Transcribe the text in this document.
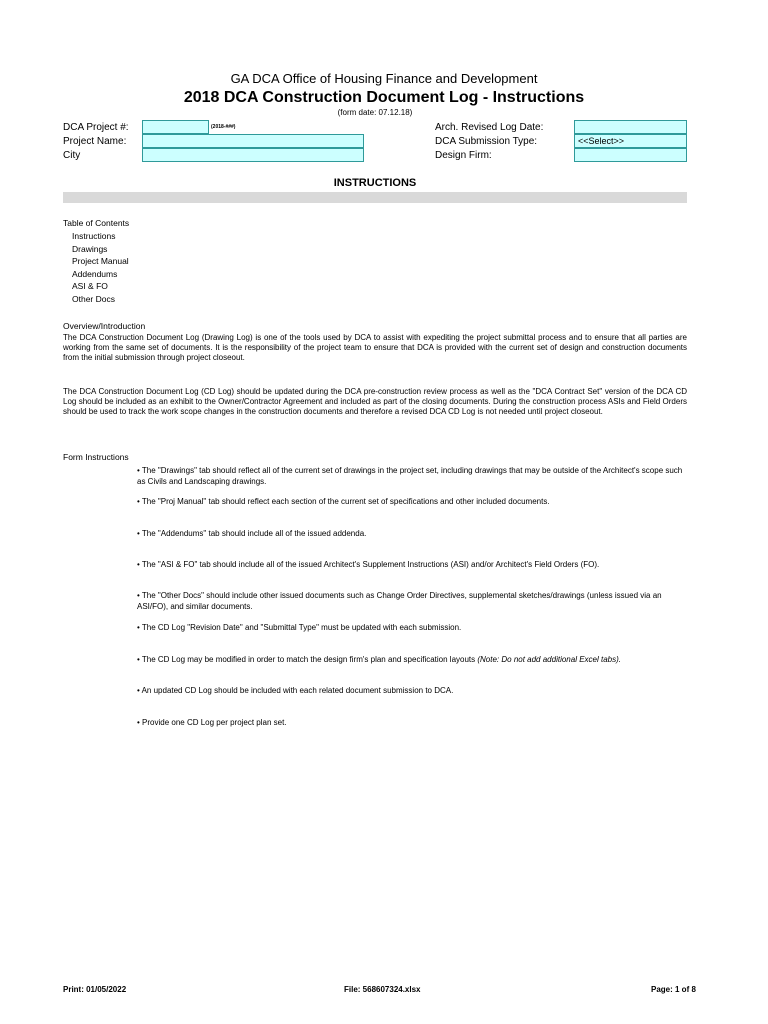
GA DCA Office of Housing Finance and Development
2018 DCA Construction Document Log - Instructions
(form date: 07.12.18)
DCA Project #:	(2018-###)
Project Name:
City
Arch. Revised Log Date:
DCA Submission Type:	<<Select>>
Design Firm:
INSTRUCTIONS
Table of Contents
Instructions
Drawings
Project Manual
Addendums
ASI & FO
Other Docs
Overview/Introduction
The DCA Construction Document Log (Drawing Log) is one of the tools used by DCA to assist with expediting the project submittal process and to ensure that all parties are working from the same set of documents. It is the responsibility of the project team to ensure that DCA is provided with the current set of design and construction documents from the initial submission through project closeout.
The DCA Construction Document Log (CD Log) should be updated during the DCA pre-construction review process as well as the "DCA Contract Set" version of the DCA CD Log should be included as an exhibit to the Owner/Contractor Agreement and included as part of the closing documents. During the construction process ASIs and Field Orders should be used to track the work scope changes in the construction documents and therefore a revised DCA CD Log is not needed until project closeout.
Form Instructions
• The "Drawings" tab should reflect all of the current set of drawings in the project set, including drawings that may be outside of the Architect's scope such as Civils and Landscaping drawings.
• The "Proj Manual" tab should reflect each section of the current set of specifications and other included documents.
• The "Addendums" tab should include all of the issued addenda.
• The "ASI & FO" tab should include all of the issued Architect's Supplement Instructions (ASI) and/or Architect's Field Orders (FO).
• The "Other Docs" should include other issued documents such as Change Order Directives, supplemental sketches/drawings (unless issued via an ASI/FO), and similar documents.
• The CD Log "Revision Date" and "Submittal Type" must be updated with each submission.
• The CD Log may be modified in order to match the design firm's plan and specification layouts (Note: Do not add additional Excel tabs).
• An updated CD Log should be included with each related document submission to DCA.
• Provide one CD Log per project plan set.
Print: 01/05/2022	File: 568607324.xlsx	Page: 1 of 8
